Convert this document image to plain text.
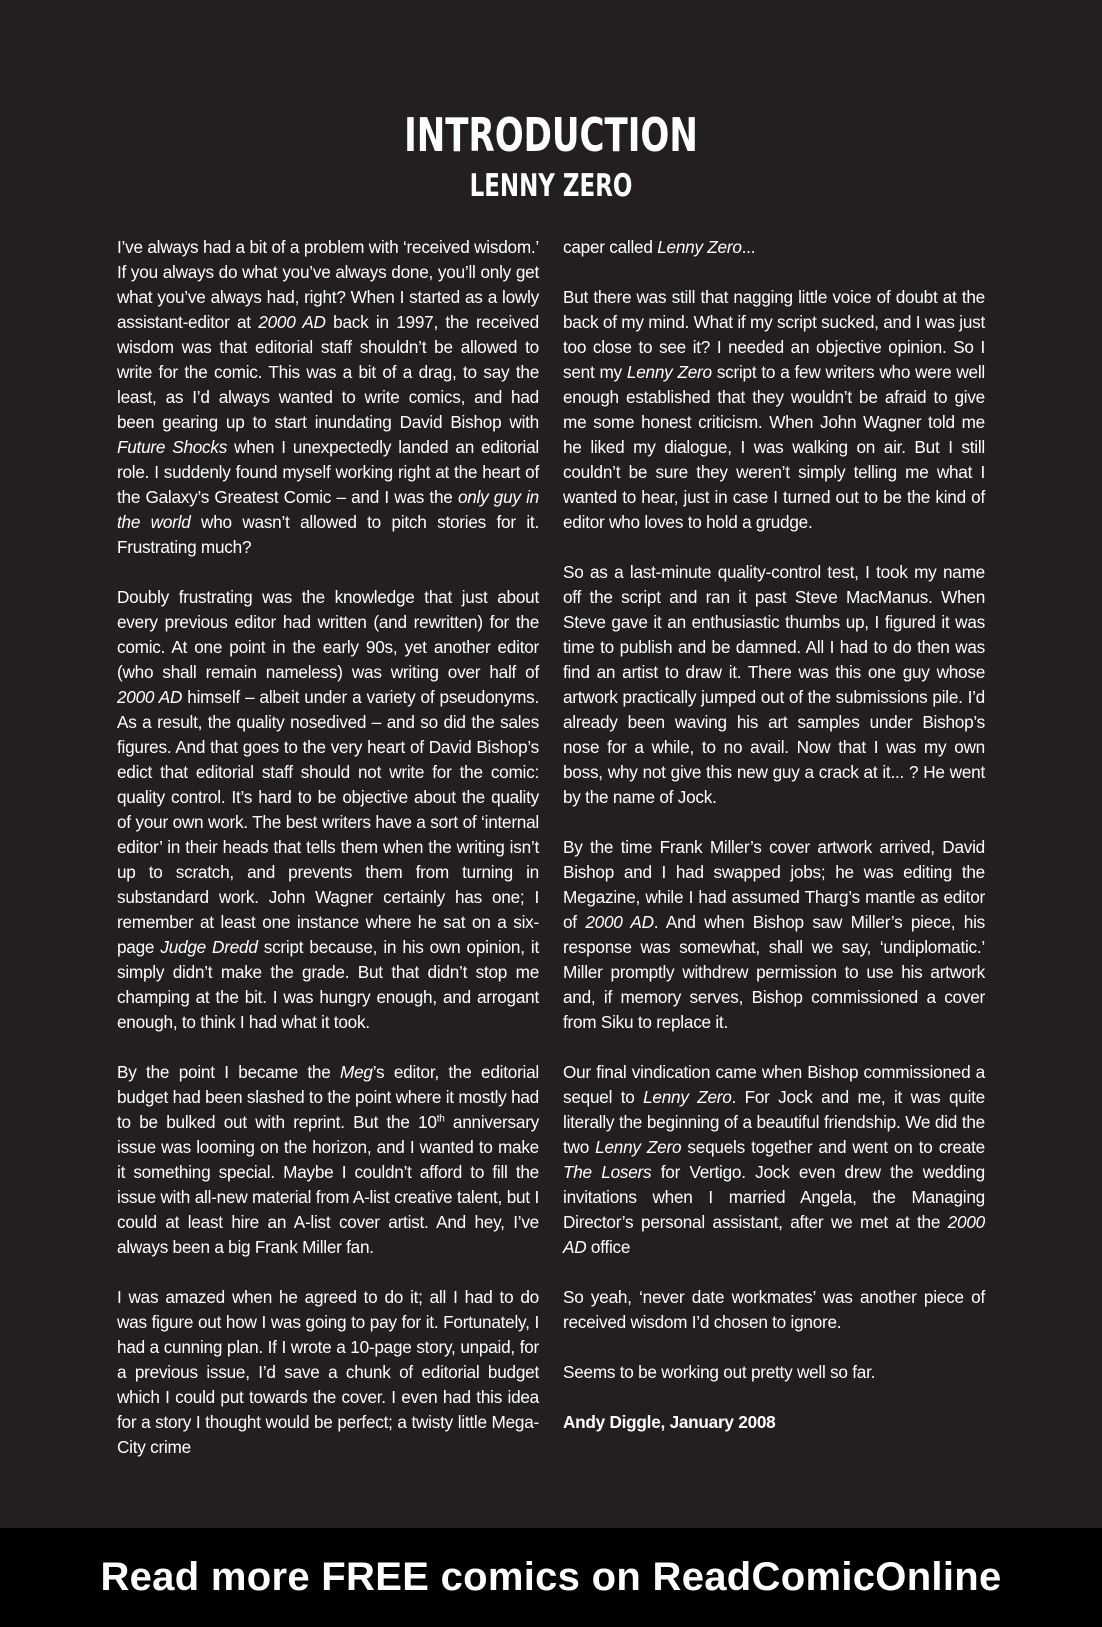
INTRODUCTION
LENNY ZERO

I’ve always had a bit of a problem with ‘received wisdom.’ If you always do what you’ve always done, you’ll only get what you’ve always had, right? When I started as a lowly assistant-editor at 2000 AD back in 1997, the received wisdom was that editorial staff shouldn’t be allowed to write for the comic. This was a bit of a drag, to say the least, as I’d always wanted to write comics, and had been gearing up to start inundating David Bishop with Future Shocks when I unexpectedly landed an editorial role. I suddenly found myself working right at the heart of the Galaxy’s Greatest Comic – and I was the only guy in the world who wasn’t allowed to pitch stories for it. Frustrating much?

Doubly frustrating was the knowledge that just about every previous editor had written (and rewritten) for the comic. At one point in the early 90s, yet another editor (who shall remain nameless) was writing over half of 2000 AD himself – albeit under a variety of pseudonyms. As a result, the quality nosedived – and so did the sales figures. And that goes to the very heart of David Bishop’s edict that editorial staff should not write for the comic: quality control. It’s hard to be objective about the quality of your own work. The best writers have a sort of ‘internal editor’ in their heads that tells them when the writing isn’t up to scratch, and prevents them from turning in substandard work. John Wagner certainly has one; I remember at least one instance where he sat on a six-page Judge Dredd script because, in his own opinion, it simply didn’t make the grade. But that didn’t stop me champing at the bit. I was hungry enough, and arrogant enough, to think I had what it took.

By the point I became the Meg’s editor, the editorial budget had been slashed to the point where it mostly had to be bulked out with reprint. But the 10th anniversary issue was looming on the horizon, and I wanted to make it something special. Maybe I couldn’t afford to fill the issue with all-new material from A-list creative talent, but I could at least hire an A-list cover artist. And hey, I’ve always been a big Frank Miller fan.

I was amazed when he agreed to do it; all I had to do was figure out how I was going to pay for it. Fortunately, I had a cunning plan. If I wrote a 10-page story, unpaid, for a previous issue, I’d save a chunk of editorial budget which I could put towards the cover. I even had this idea for a story I thought would be perfect; a twisty little Mega-City crime

caper called Lenny Zero...

But there was still that nagging little voice of doubt at the back of my mind. What if my script sucked, and I was just too close to see it? I needed an objective opinion. So I sent my Lenny Zero script to a few writers who were well enough established that they wouldn’t be afraid to give me some honest criticism. When John Wagner told me he liked my dialogue, I was walking on air. But I still couldn’t be sure they weren’t simply telling me what I wanted to hear, just in case I turned out to be the kind of editor who loves to hold a grudge.

So as a last-minute quality-control test, I took my name off the script and ran it past Steve MacManus. When Steve gave it an enthusiastic thumbs up, I figured it was time to publish and be damned. All I had to do then was find an artist to draw it. There was this one guy whose artwork practically jumped out of the submissions pile. I’d already been waving his art samples under Bishop’s nose for a while, to no avail. Now that I was my own boss, why not give this new guy a crack at it... ? He went by the name of Jock.

By the time Frank Miller’s cover artwork arrived, David Bishop and I had swapped jobs; he was editing the Megazine, while I had assumed Tharg’s mantle as editor of 2000 AD. And when Bishop saw Miller’s piece, his response was somewhat, shall we say, ‘undiplomatic.’ Miller promptly withdrew permission to use his artwork and, if memory serves, Bishop commissioned a cover from Siku to replace it.

Our final vindication came when Bishop commissioned a sequel to Lenny Zero. For Jock and me, it was quite literally the beginning of a beautiful friendship. We did the two Lenny Zero sequels together and went on to create The Losers for Vertigo. Jock even drew the wedding invitations when I married Angela, the Managing Director’s personal assistant, after we met at the 2000 AD office

So yeah, ‘never date workmates’ was another piece of received wisdom I’d chosen to ignore.

Seems to be working out pretty well so far.

Andy Diggle, January 2008

Read more FREE comics on ReadComicOnline
